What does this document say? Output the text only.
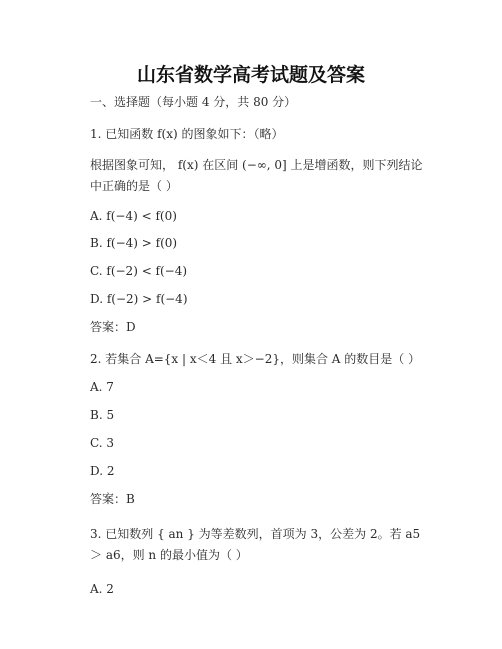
山东省数学高考试题及答案
一、选择题（每小题 4 分，共 80 分）
1. 已知函数 f(x) 的图象如下：（略）
根据图象可知， f(x) 在区间 (−∞, 0] 上是增函数，则下列结论中正确的是（ ）
A. f(−4) < f(0)
B. f(−4) > f(0)
C. f(−2) < f(−4)
D. f(−2) > f(−4)
答案：D
2. 若集合 A={x | x＜4 且 x＞−2}，则集合 A 的数目是（ ）
A. 7
B. 5
C. 3
D. 2
答案：B
3. 已知数列 { an } 为等差数列，首项为 3，公差为 2。若 a5 ＞ a6，则 n 的最小值为（ ）
A. 2
